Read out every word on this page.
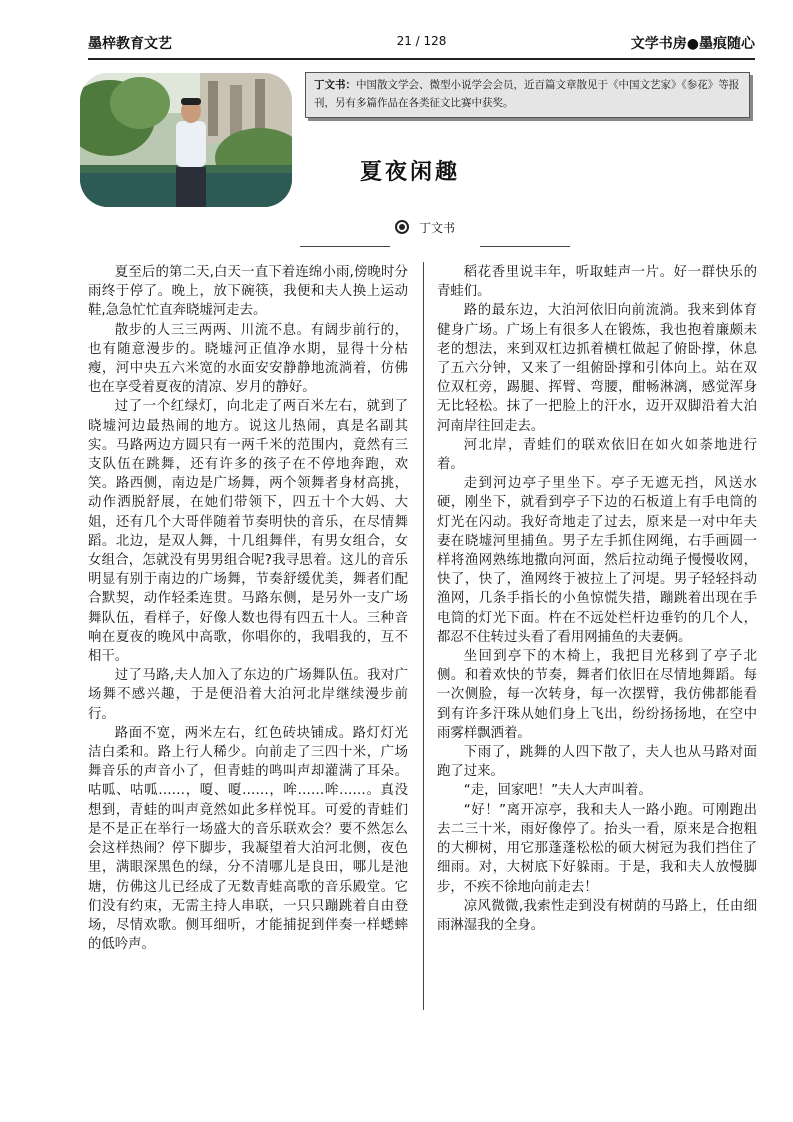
墨梓教育文艺	21 / 128	文学书房●墨痕随心
丁文书：中国散文学会、微型小说学会会员，近百篇文章散见于《中国文艺家》《参花》等报刊，另有多篇作品在各类征文比赛中获奖。
夏夜闲趣
丁文书

夏至后的第二天,白天一直下着连绵小雨,傍晚时分雨终于停了。晚上，放下碗筷，我便和夫人换上运动鞋,急急忙忙直奔晓墟河走去。

散步的人三三两两、川流不息。有阔步前行的，也有随意漫步的。晓墟河正值净水期，显得十分枯瘦，河中央五六米宽的水面安安静静地流淌着，仿佛也在享受着夏夜的清凉、岁月的静好。

过了一个红绿灯，向北走了两百米左右，就到了晓墟河边最热闹的地方。说这儿热闹，真是名副其实。马路两边方圆只有一两千米的范围内，竟然有三支队伍在跳舞，还有许多的孩子在不停地奔跑，欢笑。路西侧，南边是广场舞，两个领舞者身材高挑，动作洒脱舒展，在她们带领下，四五十个大妈、大姐，还有几个大哥伴随着节奏明快的音乐，在尽情舞蹈。北边，是双人舞，十几组舞伴，有男女组合，女女组合，怎就没有男男组合呢?我寻思着。这儿的音乐明显有别于南边的广场舞，节奏舒缓优美，舞者们配合默契，动作轻柔连贯。马路东侧，是另外一支广场舞队伍，看样子，好像人数也得有四五十人。三种音响在夏夜的晚风中高歌，你唱你的，我唱我的，互不相干。

过了马路,夫人加入了东边的广场舞队伍。我对广场舞不感兴趣，于是便沿着大泊河北岸继续漫步前行。

路面不宽，两米左右，红色砖块铺成。路灯灯光洁白柔和。路上行人稀少。向前走了三四十米，广场舞音乐的声音小了，但青蛙的鸣叫声却灌满了耳朵。咕呱、咕呱……，嗄、嗄……，哞……哞……。真没想到，青蛙的叫声竟然如此多样悦耳。可爱的青蛙们是不是正在举行一场盛大的音乐联欢会？要不然怎么会这样热闹？停下脚步，我凝望着大泊河北侧，夜色里，满眼深黑色的绿，分不清哪儿是良田，哪儿是池塘，仿佛这儿已经成了无数青蛙高歌的音乐殿堂。它们没有约束，无需主持人串联，一只只蹦跳着自由登场，尽情欢歌。侧耳细听，才能捕捉到伴奏一样蟋蟀的低吟声。

稻花香里说丰年，听取蛙声一片。好一群快乐的青蛙们。

路的最东边，大泊河依旧向前流淌。我来到体育健身广场。广场上有很多人在锻炼，我也抱着廉颇未老的想法，来到双杠边抓着横杠做起了俯卧撑，休息了五六分钟，又来了一组俯卧撑和引体向上。站在双位双杠旁，踢腿、挥臂、弯腰，酣畅淋漓，感觉浑身无比轻松。抹了一把脸上的汗水，迈开双脚沿着大泊河南岸往回走去。

河北岸，青蛙们的联欢依旧在如火如荼地进行着。

走到河边亭子里坐下。亭子无遮无挡，风送水硬，刚坐下，就看到亭子下边的石板道上有手电筒的灯光在闪动。我好奇地走了过去，原来是一对中年夫妻在晓墟河里捕鱼。男子左手抓住网绳，右手画圆一样将渔网熟练地撒向河面，然后拉动绳子慢慢收网，快了，快了，渔网终于被拉上了河堤。男子轻轻抖动渔网，几条手指长的小鱼惊慌失措，蹦跳着出现在手电筒的灯光下面。杵在不远处栏杆边垂钓的几个人，都忍不住转过头看了看用网捕鱼的夫妻俩。

坐回到亭下的木椅上，我把目光移到了亭子北侧。和着欢快的节奏，舞者们依旧在尽情地舞蹈。每一次侧脸，每一次转身，每一次摆臂，我仿佛都能看到有许多汗珠从她们身上飞出，纷纷扬扬地，在空中雨雾样飘洒着。

下雨了，跳舞的人四下散了，夫人也从马路对面跑了过来。

“走，回家吧！”夫人大声叫着。

“好！”离开凉亭，我和夫人一路小跑。可刚跑出去二三十米，雨好像停了。抬头一看，原来是合抱粗的大柳树，用它那蓬蓬松松的硕大树冠为我们挡住了细雨。对，大树底下好躲雨。于是，我和夫人放慢脚步，不疾不徐地向前走去！

凉风微微,我索性走到没有树荫的马路上，任由细雨淋湿我的全身。
